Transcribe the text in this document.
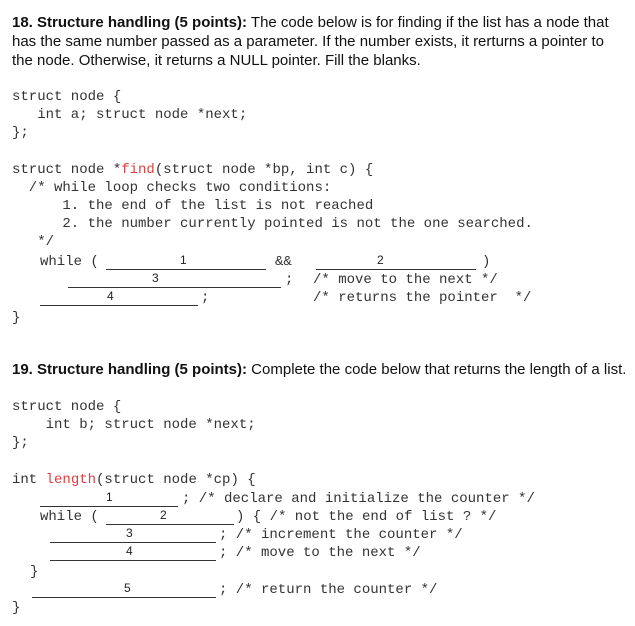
18. Structure handling (5 points): The code below is for finding if the list has a node that has the same number passed as a parameter. If the number exists, it rerturns a pointer to the node. Otherwise, it returns a NULL pointer. Fill the blanks.
struct node {
int a; struct node *next;
};
struct node *find(struct node *bp, int c) {
/* while loop checks two conditions:
1. the end of the list is not reached
2. the number currently pointed is not the one searched.
*/
while (	1	&&	2	)
3	; /* move to the next */
4	;	/* returns the pointer  */
}
19. Structure handling (5 points): Complete the code below that returns the length of a list.
struct node {
int b; struct node *next;
};
int length(struct node *cp) {
1	; /* declare and initialize the counter */
while (	2	) { /* not the end of list ? */
3	; /* increment the counter */
4	; /* move to the next */
}
5	; /* return the counter */
}
